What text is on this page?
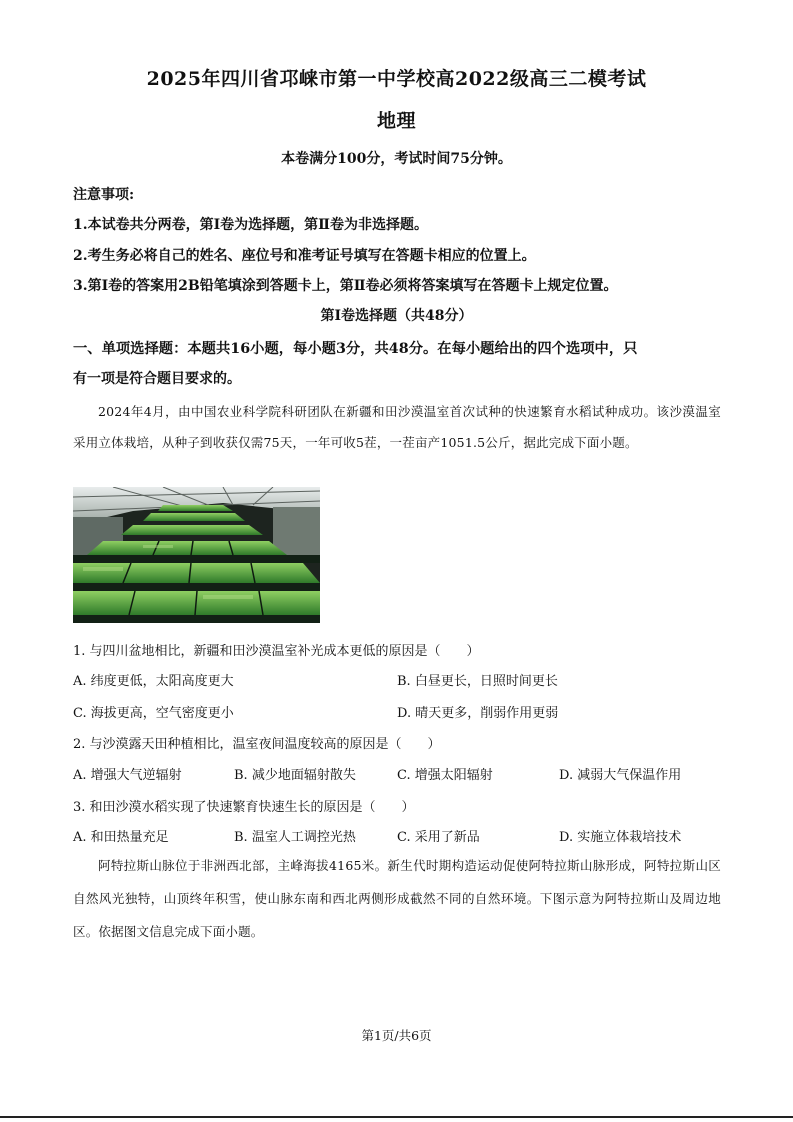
2025年四川省邛崃市第一中学校高2022级高三二模考试
地理
本卷满分100分，考试时间75分钟。
注意事项:
1.本试卷共分两卷，第Ⅰ卷为选择题，第Ⅱ卷为非选择题。
2.考生务必将自己的姓名、座位号和准考证号填写在答题卡相应的位置上。
3.第Ⅰ卷的答案用2B铅笔填涂到答题卡上，第Ⅱ卷必须将答案填写在答题卡上规定位置。
第Ⅰ卷选择题（共48分）
一、单项选择题：本题共16小题，每小题3分，共48分。在每小题给出的四个选项中，只
有一项是符合题目要求的。
2024年4月，由中国农业科学院科研团队在新疆和田沙漠温室首次试种的快速繁育水稻试种成功。该沙漠温室采用立体栽培，从种子到收获仅需75天，一年可收5茬，一茬亩产1051.5公斤，据此完成下面小题。
1. 与四川盆地相比，新疆和田沙漠温室补光成本更低的原因是（　　）
A. 纬度更低，太阳高度更大	B. 白昼更长，日照时间更长
C. 海拔更高，空气密度更小	D. 晴天更多，削弱作用更弱
2. 与沙漠露天田种植相比，温室夜间温度较高的原因是（　　）
A. 增强大气逆辐射	B. 减少地面辐射散失	C. 增强太阳辐射	D. 减弱大气保温作用
3. 和田沙漠水稻实现了快速繁育快速生长的原因是（　　）
A. 和田热量充足	B. 温室人工调控光热	C. 采用了新品	D. 实施立体栽培技术
阿特拉斯山脉位于非洲西北部，主峰海拔4165米。新生代时期构造运动促使阿特拉斯山脉形成，阿特拉斯山区自然风光独特，山顶终年积雪，使山脉东南和西北两侧形成截然不同的自然环境。下图示意为阿特拉斯山及周边地区。依据图文信息完成下面小题。
第1页/共6页
